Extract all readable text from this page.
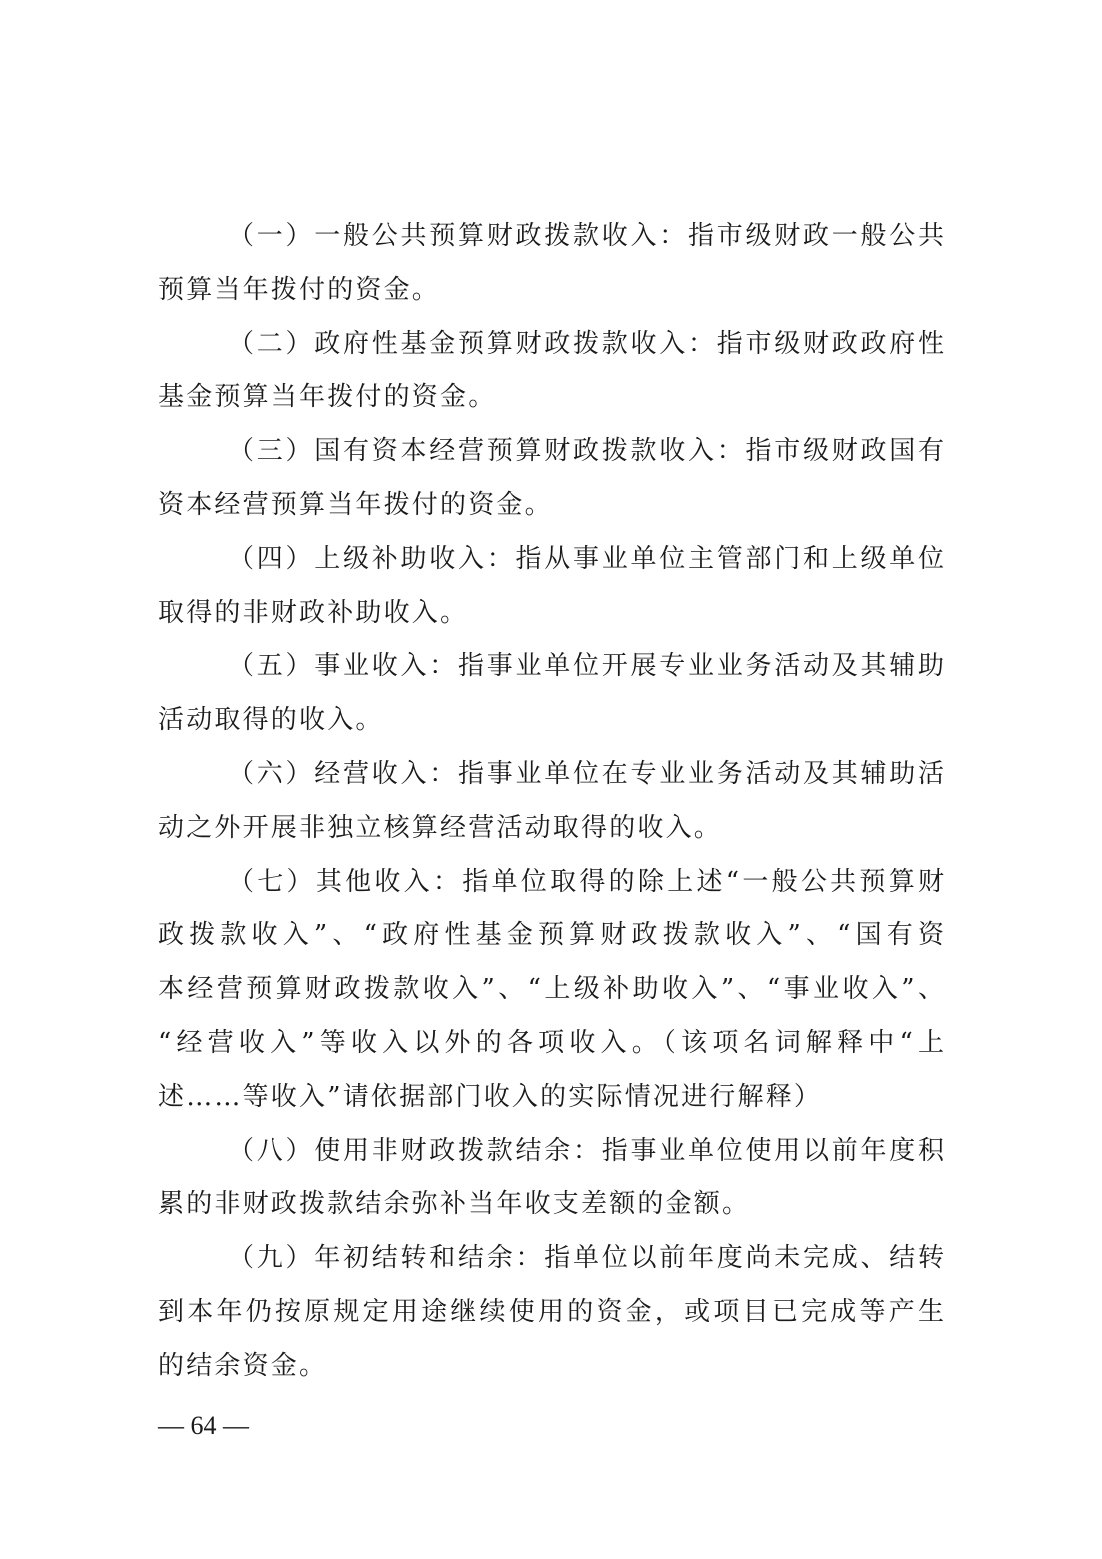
（一）一般公共预算财政拨款收入：指市级财政一般公共
预算当年拨付的资金。
（二）政府性基金预算财政拨款收入：指市级财政政府性
基金预算当年拨付的资金。
（三）国有资本经营预算财政拨款收入：指市级财政国有
资本经营预算当年拨付的资金。
（四）上级补助收入：指从事业单位主管部门和上级单位
取得的非财政补助收入。
（五）事业收入：指事业单位开展专业业务活动及其辅助
活动取得的收入。
（六）经营收入：指事业单位在专业业务活动及其辅助活
动之外开展非独立核算经营活动取得的收入。
（七）其他收入：指单位取得的除上述“一般公共预算财
政拨款收入”、“政府性基金预算财政拨款收入”、“国有资
本经营预算财政拨款收入”、“上级补助收入”、“事业收入”、
“经营收入”等收入以外的各项收入。（该项名词解释中“上
述……等收入”请依据部门收入的实际情况进行解释）
（八）使用非财政拨款结余：指事业单位使用以前年度积
累的非财政拨款结余弥补当年收支差额的金额。
（九）年初结转和结余：指单位以前年度尚未完成、结转
到本年仍按原规定用途继续使用的资金，或项目已完成等产生
的结余资金。
— 64 —
